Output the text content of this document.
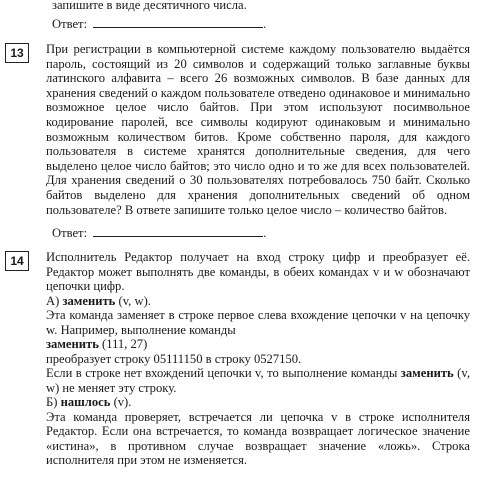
запишите в виде десятичного числа.
Ответ:	.
13	При регистрации в компьютерной системе каждому пользователю выдаётся пароль, состоящий из 20 символов и содержащий только заглавные буквы латинского алфавита – всего 26 возможных символов. В базе данных для хранения сведений о каждом пользователе отведено одинаковое и минимально возможное целое число байтов. При этом используют посимвольное кодирование паролей, все символы кодируют одинаковым и минимально возможным количеством битов. Кроме собственно пароля, для каждого пользователя в системе хранятся дополнительные сведения, для чего выделено целое число байтов; это число одно и то же для всех пользователей. Для хранения сведений о 30 пользователях потребовалось 750 байт. Сколько байтов выделено для хранения дополнительных сведений об одном пользователе? В ответе запишите только целое число – количество байтов.

Ответ:	.
14	Исполнитель Редактор получает на вход строку цифр и преобразует её. Редактор может выполнять две команды, в обеих командах v и w обозначают цепочки цифр.

А) заменить (v, w).

Эта команда заменяет в строке первое слева вхождение цепочки v на цепочку w. Например, выполнение команды

заменить (111, 27)

преобразует строку 05111150 в строку 0527150.

Если в строке нет вхождений цепочки v, то выполнение команды заменить (v, w) не меняет эту строку.

Б) нашлось (v).

Эта команда проверяет, встречается ли цепочка v в строке исполнителя Редактор. Если она встречается, то команда возвращает логическое значение «истина», в противном случае возвращает значение «ложь». Строка исполнителя при этом не изменяется.
